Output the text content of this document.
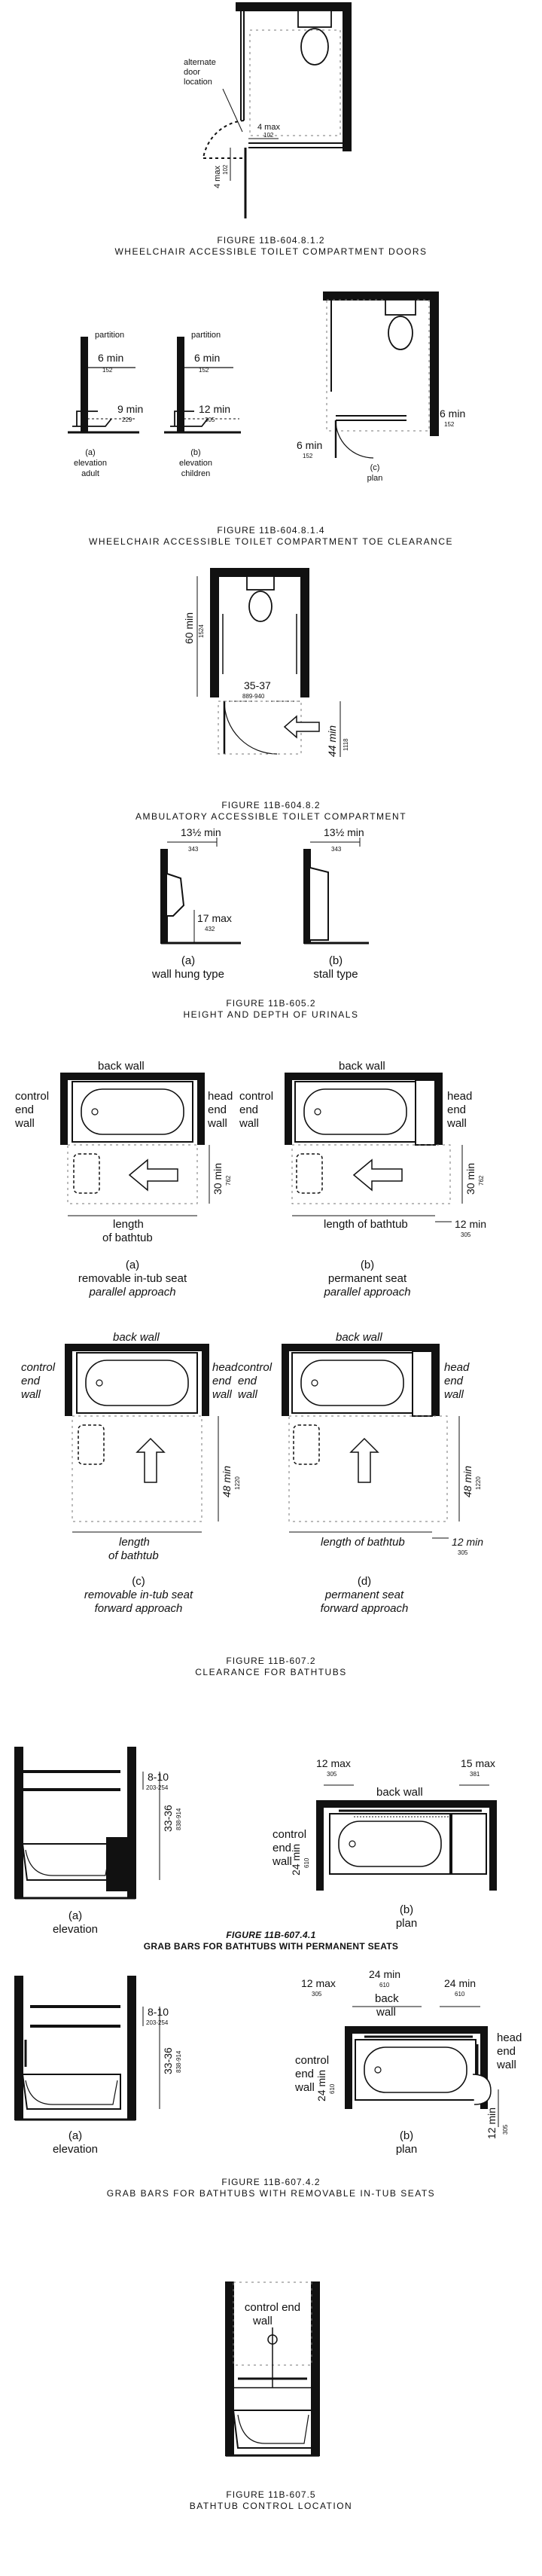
alternate
door
location
4 max
102
4 max 102
FIGURE 11B-604.8.1.2
WHEELCHAIR ACCESSIBLE TOILET COMPARTMENT DOORS
partition
6 min
152
9 min
229
(a)
elevation
adult
partition
6 min
152
12 min
305
(b)
elevation
children
6 min
152
6 min
152
(c)
plan
FIGURE 11B-604.8.1.4
WHEELCHAIR ACCESSIBLE TOILET COMPARTMENT TOE CLEARANCE
60 min 1524
35-37
889-940
44 min 1118
FIGURE 11B-604.8.2
AMBULATORY ACCESSIBLE TOILET COMPARTMENT
13½ min
343
17 max
432
(a)
wall hung type
13½ min
343
(b)
stall type
FIGURE 11B-605.2
HEIGHT AND DEPTH OF URINALS
back wall
control
end
wall
head
end
wall
30 min 762
length
of bathtub
(a)
removable in-tub seat
parallel approach
back wall
control
end
wall
head
end
wall
30 min 762
length of bathtub	12 min
305
(b)
permanent seat
parallel approach
back wall
control
end
wall
head
end
wall
48 min 1220
length
of bathtub
(c)
removable in-tub seat
forward approach
back wall
control
end
wall
head
end
wall
48 min 1220
length of bathtub	12 min
305
(d)
permanent seat
forward approach
FIGURE 11B-607.2
CLEARANCE FOR BATHTUBS
8-10
203-254
33-36 838-914
(a)
elevation
12 max
305
15 max
381
back wall
24 min 610
control
end
wall
(b)
plan
FIGURE 11B-607.4.1
GRAB BARS FOR BATHTUBS WITH PERMANENT SEATS
8-10
203-254
33-36 838-914
(a)
elevation
12 max
305
24 min
610	24 min
610
back
wall
24 min 610
control
end
wall
head
end
wall
12 min 305
(b)
plan
FIGURE 11B-607.4.2
GRAB BARS FOR BATHTUBS WITH REMOVABLE IN-TUB SEATS
control end
wall
FIGURE 11B-607.5
BATHTUB CONTROL LOCATION
